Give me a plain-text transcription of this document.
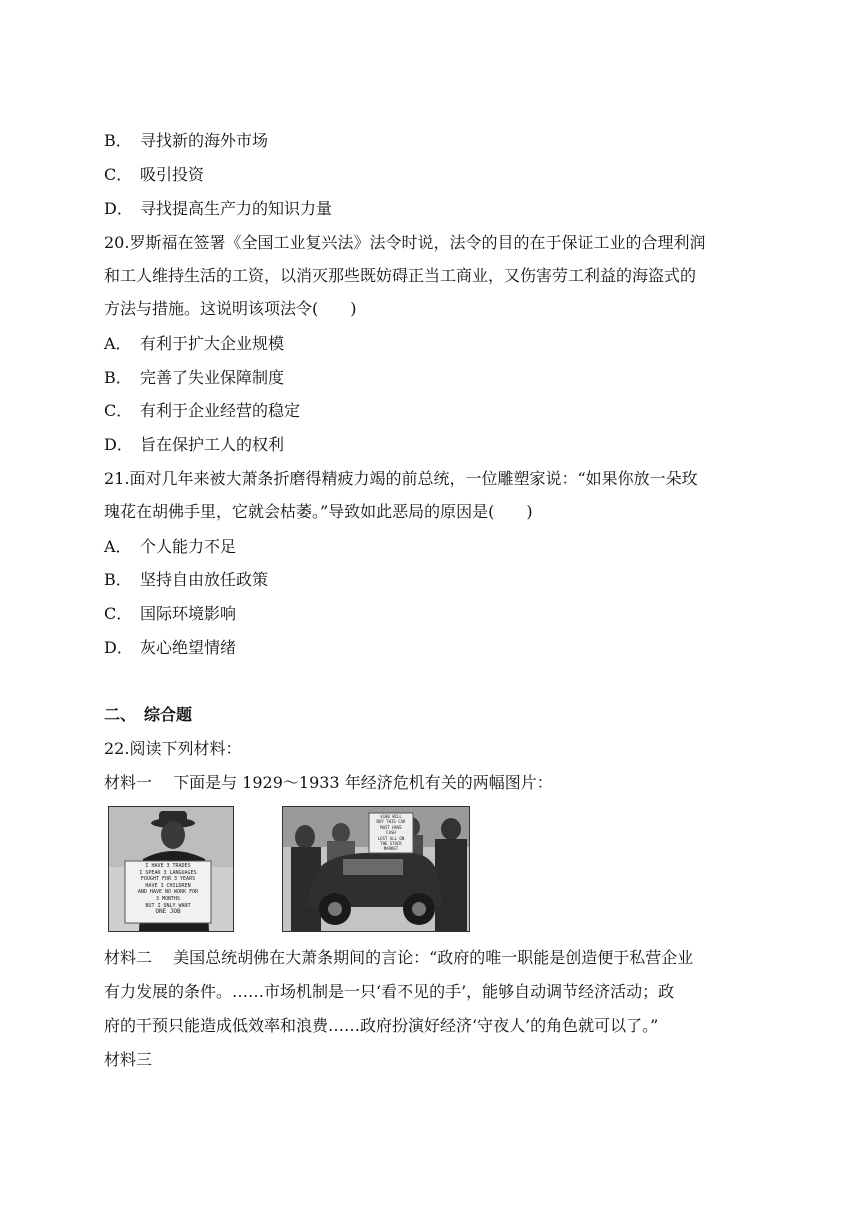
B． 寻找新的海外市场
C． 吸引投资
D． 寻找提高生产力的知识力量
20.罗斯福在签署《全国工业复兴法》法令时说，法令的目的在于保证工业的合理利润
和工人维持生活的工资，以消灭那些既妨碍正当工商业，又伤害劳工利益的海盗式的
方法与措施。这说明该项法令(　　)
A． 有利于扩大企业规模
B． 完善了失业保障制度
C． 有利于企业经营的稳定
D． 旨在保护工人的权利
21.面对几年来被大萧条折磨得精疲力竭的前总统，一位雕塑家说：“如果你放一朵玫
瑰花在胡佛手里，它就会枯萎。”导致如此恶局的原因是(　　)
A． 个人能力不足
B． 坚持自由放任政策
C． 国际环境影响
D． 灰心绝望情绪
二、　综合题
22.阅读下列材料：
材料一　 下面是与 1929～1933 年经济危机有关的两幅图片：
I HAVE 3 TRADES
I SPEAK 3 LANGUAGES
FOUGHT FOR 3 YEARS
HAVE 3 CHILDREN
AND HAVE NO WORK FOR
3 MONTHS
BUT I ONLY WANT
ONE JOB
$100 WILL
BUY THIS CAR
MUST HAVE
CASH
LOST ALL ON
THE STOCK
MARKET
材料二　 美国总统胡佛在大萧条期间的言论：“政府的唯一职能是创造便于私营企业
有力发展的条件。……市场机制是一只‘看不见的手’，能够自动调节经济活动；政
府的干预只能造成低效率和浪费……政府扮演好经济‘守夜人’的角色就可以了。”
材料三
